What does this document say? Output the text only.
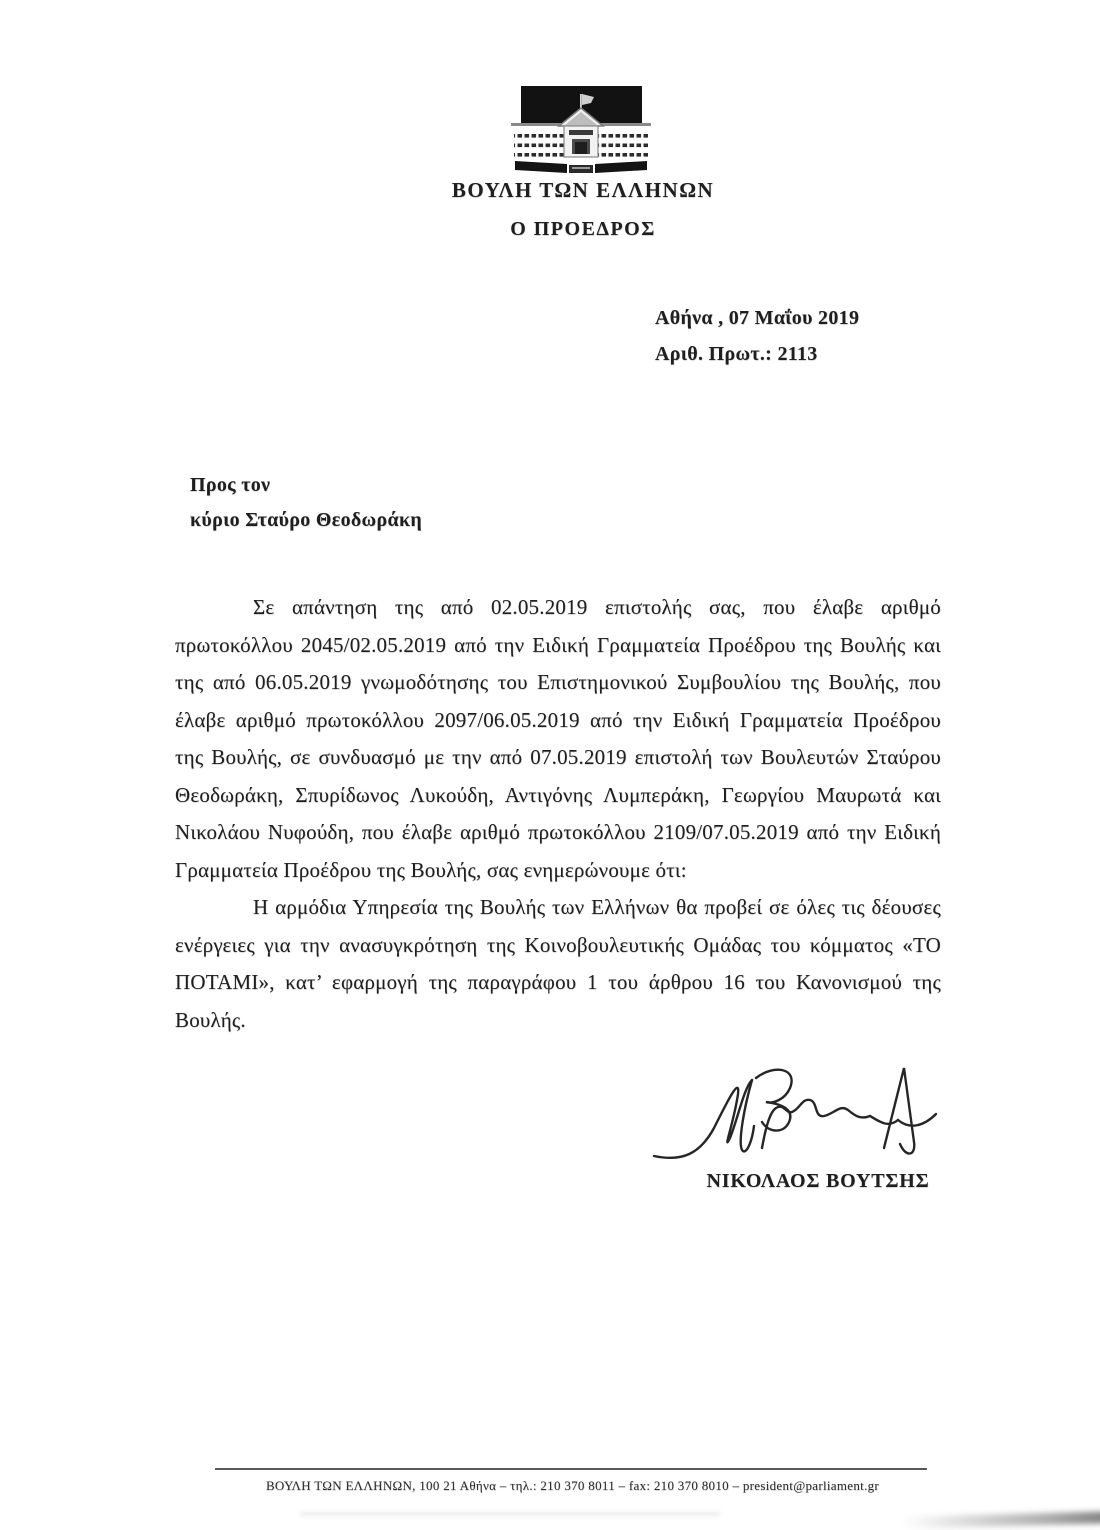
ΒΟΥΛΗ ΤΩΝ ΕΛΛΗΝΩΝ
Ο ΠΡΟΕΔΡΟΣ
Αθήνα , 07 Μαΐου 2019
Αριθ. Πρωτ.: 2113
Προς τον
κύριο Σταύρο Θεοδωράκη
Σε απάντηση της από 02.05.2019 επιστολής σας, που έλαβε αριθμό
πρωτοκόλλου 2045/02.05.2019 από την Ειδική Γραμματεία Προέδρου της Βουλής και
της από 06.05.2019 γνωμοδότησης του Επιστημονικού Συμβουλίου της Βουλής, που
έλαβε αριθμό πρωτοκόλλου 2097/06.05.2019 από την Ειδική Γραμματεία Προέδρου
της Βουλής, σε συνδυασμό με την από 07.05.2019 επιστολή των Βουλευτών Σταύρου
Θεοδωράκη, Σπυρίδωνος Λυκούδη, Αντιγόνης Λυμπεράκη, Γεωργίου Μαυρωτά και
Νικολάου Νυφούδη, που έλαβε αριθμό πρωτοκόλλου 2109/07.05.2019 από την Ειδική
Γραμματεία Προέδρου της Βουλής, σας ενημερώνουμε ότι:
Η αρμόδια Υπηρεσία της Βουλής των Ελλήνων θα προβεί σε όλες τις δέουσες
ενέργειες για την ανασυγκρότηση της Κοινοβουλευτικής Ομάδας του κόμματος «ΤΟ
ΠΟΤΑΜΙ», κατ’ εφαρμογή της παραγράφου 1 του άρθρου 16 του Κανονισμού της
Βουλής.
ΝΙΚΟΛΑΟΣ ΒΟΥΤΣΗΣ
ΒΟΥΛΗ ΤΩΝ ΕΛΛΗΝΩΝ, 100 21 Αθήνα – τηλ.: 210 370 8011 – fax: 210 370 8010 – president@parliament.gr
